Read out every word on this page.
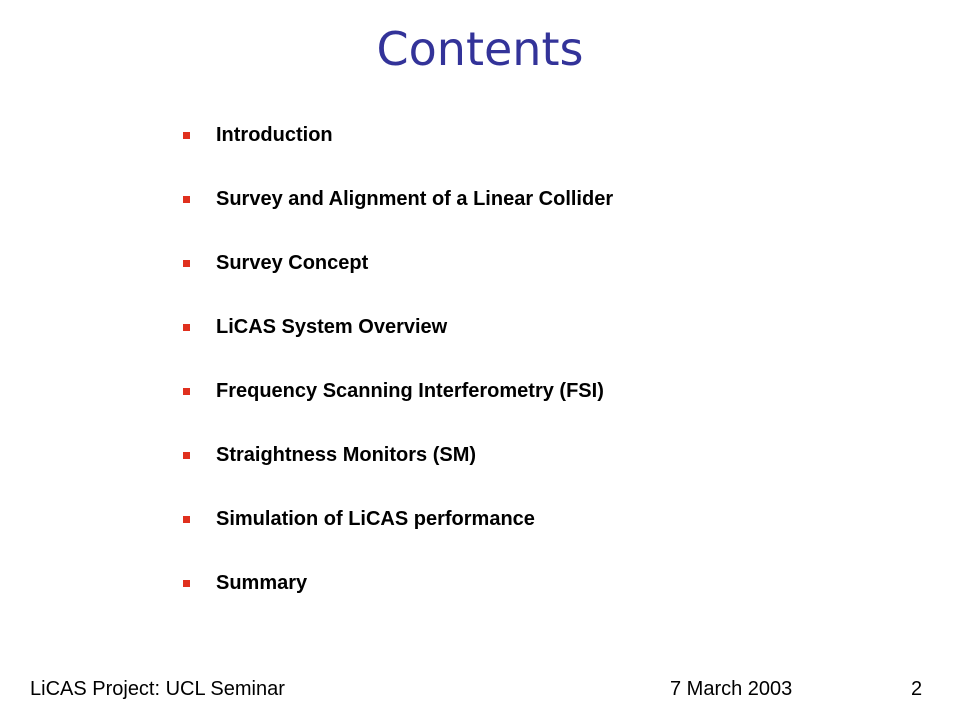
Contents
Introduction
Survey and Alignment of a Linear Collider
Survey Concept
LiCAS System Overview
Frequency Scanning Interferometry (FSI)
Straightness Monitors (SM)
Simulation of LiCAS performance
Summary
LiCAS Project: UCL Seminar	7 March 2003	2
